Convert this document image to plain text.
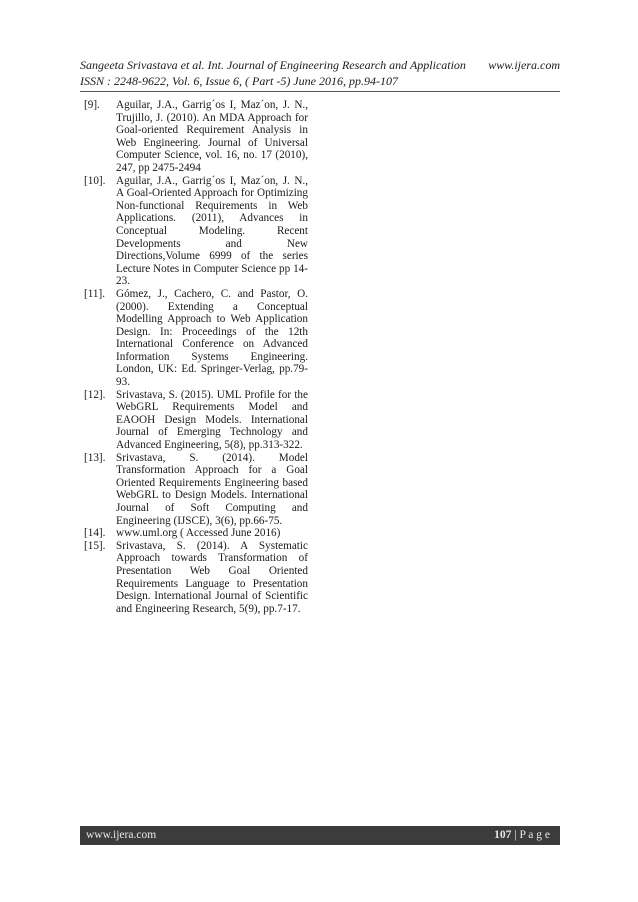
Sangeeta Srivastava et al. Int. Journal of Engineering Research and Application www.ijera.com
ISSN : 2248-9622, Vol. 6, Issue 6, ( Part -5) June 2016, pp.94-107
[9].	Aguilar, J.A., Garrig´os I, Maz´on, J. N., Trujillo, J. (2010). An MDA Approach for Goal-oriented Requirement Analysis in Web Engineering. Journal of Universal Computer Science, vol. 16, no. 17 (2010), 247, pp 2475-2494
[10]. Aguilar, J.A., Garrig´os I, Maz´on, J. N., A Goal-Oriented Approach for Optimizing Non-functional Requirements in Web Applications. (2011), Advances in Conceptual Modeling. Recent Developments and New Directions,Volume 6999 of the series Lecture Notes in Computer Science pp 14-23.
[11]. Gómez, J., Cachero, C. and Pastor, O. (2000). Extending a Conceptual Modelling Approach to Web Application Design. In: Proceedings of the 12th International Conference on Advanced Information Systems Engineering. London, UK: Ed. Springer-Verlag, pp.79-93.
[12]. Srivastava, S. (2015). UML Profile for the WebGRL Requirements Model and EAOOH Design Models. International Journal of Emerging Technology and Advanced Engineering, 5(8), pp.313-322.
[13]. Srivastava, S. (2014). Model Transformation Approach for a Goal Oriented Requirements Engineering based WebGRL to Design Models. International Journal of Soft Computing and Engineering (IJSCE), 3(6), pp.66-75.
[14]. www.uml.org ( Accessed June 2016)
[15]. Srivastava, S. (2014). A Systematic Approach towards Transformation of Presentation Web Goal Oriented Requirements Language to Presentation Design. International Journal of Scientific and Engineering Research, 5(9), pp.7-17.
www.ijera.com	107 | P a g e
